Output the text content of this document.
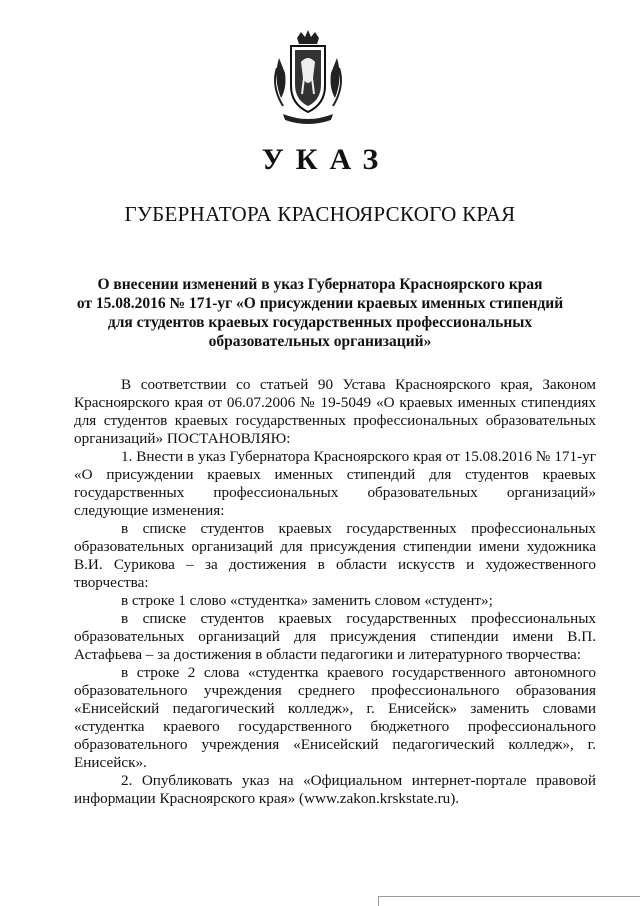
УКАЗ
ГУБЕРНАТОРА КРАСНОЯРСКОГО КРАЯ
О внесении изменений в указ Губернатора Красноярского края
от 15.08.2016 № 171-уг «О присуждении краевых именных стипендий
для студентов краевых государственных профессиональных
образовательных организаций»

В соответствии со статьей 90 Устава Красноярского края, Законом Красноярского края от 06.07.2006 № 19-5049 «О краевых именных стипендиях для студентов краевых государственных профессиональных образовательных организаций» ПОСТАНОВЛЯЮ:

1. Внести в указ Губернатора Красноярского края от 15.08.2016 № 171-уг «О присуждении краевых именных стипендий для студентов краевых государственных профессиональных образовательных организаций» следующие изменения:

в списке студентов краевых государственных профессиональных образовательных организаций для присуждения стипендии имени художника В.И. Сурикова – за достижения в области искусств и художественного творчества:

в строке 1 слово «студентка» заменить словом «студент»;

в списке студентов краевых государственных профессиональных образовательных организаций для присуждения стипендии имени В.П. Астафьева – за достижения в области педагогики и литературного творчества:

в строке 2 слова «студентка краевого государственного автономного образовательного учреждения среднего профессионального образования «Енисейский педагогический колледж», г. Енисейск» заменить словами «студентка краевого государственного бюджетного профессионального образовательного учреждения «Енисейский педагогический колледж», г. Енисейск».

2. Опубликовать указ на «Официальном интернет-портале правовой информации Красноярского края» (www.zakon.krskstate.ru).
